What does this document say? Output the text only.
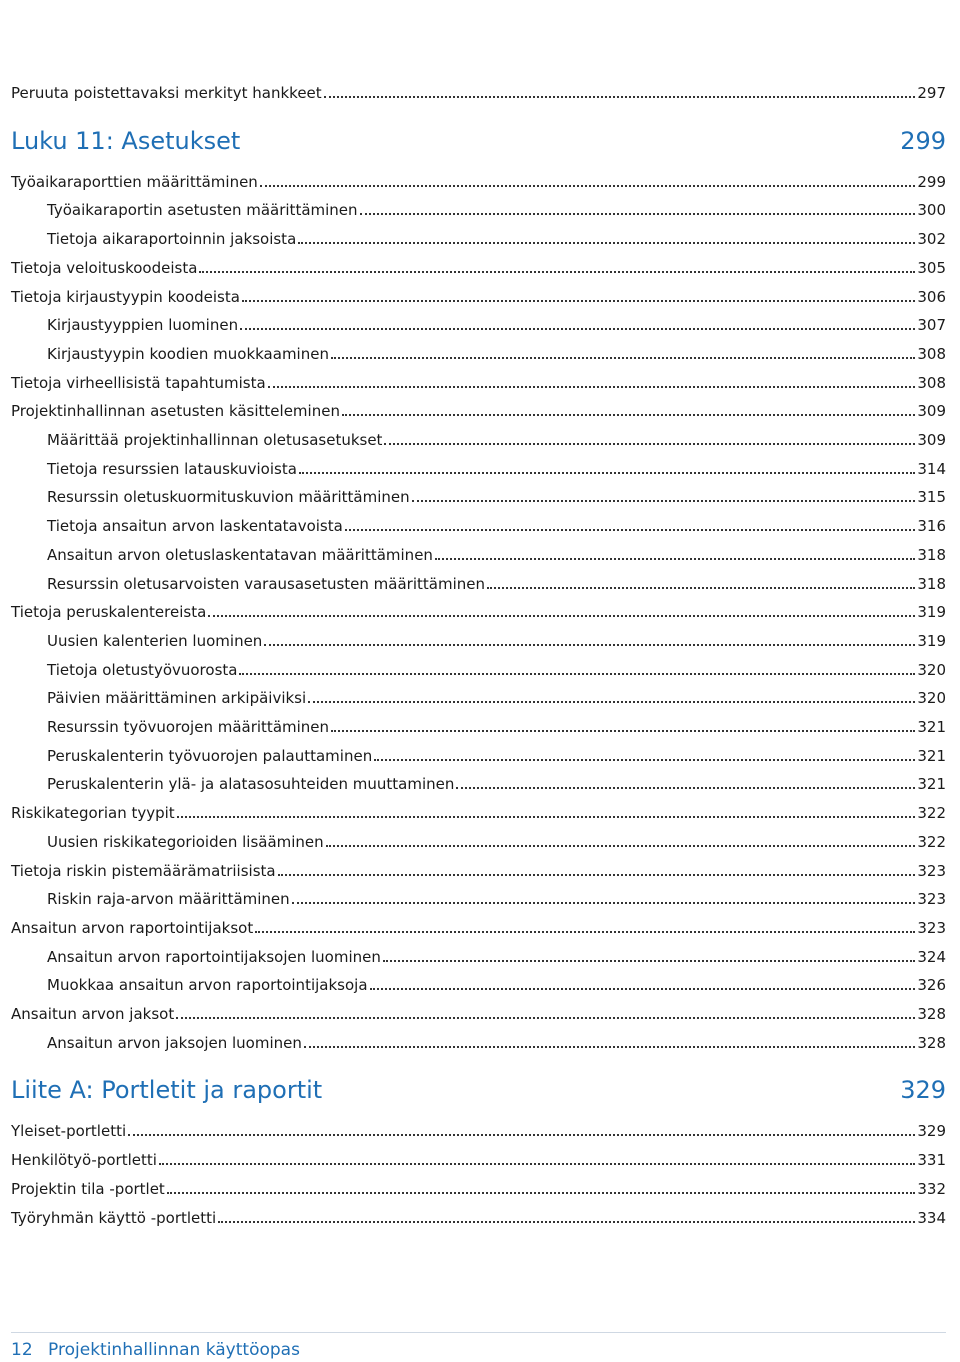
Peruuta poistettavaksi merkityt hankkeet	297
Luku 11: Asetukset	299
Työaikaraporttien määrittäminen	299
Työaikaraportin asetusten määrittäminen	300
Tietoja aikaraportoinnin jaksoista	302
Tietoja veloituskoodeista	305
Tietoja kirjaustyypin koodeista	306
Kirjaustyyppien luominen	307
Kirjaustyypin koodien muokkaaminen	308
Tietoja virheellisistä tapahtumista	308
Projektinhallinnan asetusten käsitteleminen	309
Määrittää projektinhallinnan oletusasetukset	309
Tietoja resurssien latauskuvioista	314
Resurssin oletuskuormituskuvion määrittäminen	315
Tietoja ansaitun arvon laskentatavoista	316
Ansaitun arvon oletuslaskentatavan määrittäminen	318
Resurssin oletusarvoisten varausasetusten määrittäminen	318
Tietoja peruskalentereista	319
Uusien kalenterien luominen	319
Tietoja oletustyövuorosta	320
Päivien määrittäminen arkipäiviksi	320
Resurssin työvuorojen määrittäminen	321
Peruskalenterin työvuorojen palauttaminen	321
Peruskalenterin ylä- ja alatasosuhteiden muuttaminen	321
Riskikategorian tyypit	322
Uusien riskikategorioiden lisääminen	322
Tietoja riskin pistemäärämatriisista	323
Riskin raja-arvon määrittäminen	323
Ansaitun arvon raportointijaksot	323
Ansaitun arvon raportointijaksojen luominen	324
Muokkaa ansaitun arvon raportointijaksoja	326
Ansaitun arvon jaksot	328
Ansaitun arvon jaksojen luominen	328
Liite A: Portletit ja raportit	329
Yleiset-portletti	329
Henkilötyö-portletti	331
Projektin tila -portlet	332
Työryhmän käyttö -portletti	334
12 Projektinhallinnan käyttöopas
